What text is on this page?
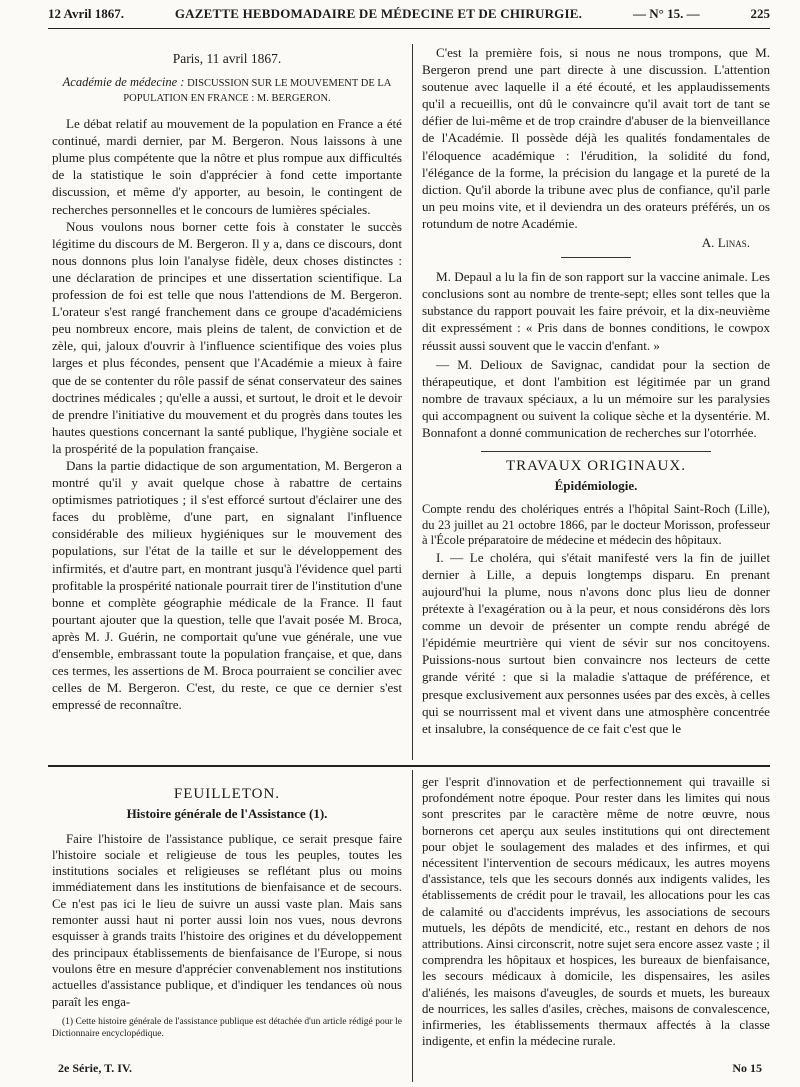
12 Avril 1867.	GAZETTE HEBDOMADAIRE DE MÉDECINE ET DE CHIRURGIE.	— N° 15. —	225
Paris, 11 avril 1867.
Académie de médecine : DISCUSSION SUR LE MOUVEMENT DE LA POPULATION EN FRANCE : M. BERGERON.

Le débat relatif au mouvement de la population en France a été continué, mardi dernier, par M. Bergeron. Nous laissons à une plume plus compétente que la nôtre et plus rompue aux difficultés de la statistique le soin d'apprécier à fond cette importante discussion, et même d'y apporter, au besoin, le contingent de recherches personnelles et le concours de lumières spéciales.

Nous voulons nous borner cette fois à constater le succès légitime du discours de M. Bergeron. Il y a, dans ce discours, dont nous donnons plus loin l'analyse fidèle, deux choses distinctes : une déclaration de principes et une dissertation scientifique. La profession de foi est telle que nous l'attendions de M. Bergeron. L'orateur s'est rangé franchement dans ce groupe d'académiciens peu nombreux encore, mais pleins de talent, de conviction et de zèle, qui, jaloux d'ouvrir à l'influence scientifique des voies plus larges et plus fécondes, pensent que l'Académie a mieux à faire que de se contenter du rôle passif de sénat conservateur des saines doctrines médicales ; qu'elle a aussi, et surtout, le droit et le devoir de prendre l'initiative du mouvement et du progrès dans toutes les hautes questions concernant la santé publique, l'hygiène sociale et la prospérité de la population française.

Dans la partie didactique de son argumentation, M. Bergeron a montré qu'il y avait quelque chose à rabattre de certains optimismes patriotiques ; il s'est efforcé surtout d'éclairer une des faces du problème, d'une part, en signalant l'influence considérable des milieux hygiéniques sur le mouvement des populations, sur l'état de la taille et sur le développement des infirmités, et d'autre part, en montrant jusqu'à l'évidence quel parti profitable la prospérité nationale pourrait tirer de l'institution d'une bonne et complète géographie médicale de la France. Il faut pourtant ajouter que la question, telle que l'avait posée M. Broca, après M. J. Guérin, ne comportait qu'une vue générale, une vue d'ensemble, embrassant toute la population française, et que, dans ces termes, les assertions de M. Broca pourraient se concilier avec celles de M. Bergeron. C'est, du reste, ce que ce dernier s'est empressé de reconnaître.

C'est la première fois, si nous ne nous trompons, que M. Bergeron prend une part directe à une discussion. L'attention soutenue avec laquelle il a été écouté, et les applaudissements qu'il a recueillis, ont dû le convaincre qu'il avait tort de tant se défier de lui-même et de trop craindre d'abuser de la bienveillance de l'Académie. Il possède déjà les qualités fondamentales de l'éloquence académique : l'érudition, la solidité du fond, l'élégance de la forme, la précision du langage et la pureté de la diction. Qu'il aborde la tribune avec plus de confiance, qu'il parle un peu moins vite, et il deviendra un des orateurs préférés, un os rotundum de notre Académie.

A. Linas.

M. Depaul a lu la fin de son rapport sur la vaccine animale. Les conclusions sont au nombre de trente-sept; elles sont telles que la substance du rapport pouvait les faire prévoir, et la dix-neuvième dit expressément : « Pris dans de bonnes conditions, le cowpox réussit aussi souvent que le vaccin d'enfant. »

— M. Delioux de Savignac, candidat pour la section de thérapeutique, et dont l'ambition est légitimée par un grand nombre de travaux spéciaux, a lu un mémoire sur les paralysies qui accompagnent ou suivent la colique sèche et la dysentérie. M. Bonnafont a donné communication de recherches sur l'otorrhée.

TRAVAUX ORIGINAUX.
Épidémiologie.

Compte rendu des cholériques entrés a l'hôpital Saint-Roch (Lille), du 23 juillet au 21 octobre 1866, par le docteur Morisson, professeur à l'École préparatoire de médecine et médecin des hôpitaux.

I. — Le choléra, qui s'était manifesté vers la fin de juillet dernier à Lille, a depuis longtemps disparu. En prenant aujourd'hui la plume, nous n'avons donc plus lieu de donner prétexte à l'exagération ou à la peur, et nous considérons dès lors comme un devoir de présenter un compte rendu abrégé de l'épidémie meurtrière qui vient de sévir sur nos concitoyens. Puissions-nous surtout bien convaincre nos lecteurs de cette grande vérité : que si la maladie s'attaque de préférence, et presque exclusivement aux personnes usées par des excès, à celles qui se nourrissent mal et vivent dans une atmosphère concentrée et insalubre, la conséquence de ce fait c'est que le

FEUILLETON.
Histoire générale de l'Assistance (1).

Faire l'histoire de l'assistance publique, ce serait presque faire l'histoire sociale et religieuse de tous les peuples, toutes les institutions sociales et religieuses se reflétant plus ou moins immédiatement dans les institutions de bienfaisance et de secours. Ce n'est pas ici le lieu de suivre un aussi vaste plan. Mais sans remonter aussi haut ni porter aussi loin nos vues, nous devrons esquisser à grands traits l'histoire des origines et du développement des principaux établissements de bienfaisance de l'Europe, si nous voulons être en mesure d'apprécier convenablement nos institutions actuelles d'assistance publique, et d'indiquer les tendances où nous paraît les enga-

(1) Cette histoire générale de l'assistance publique est détachée d'un article rédigé pour le Dictionnaire encyclopédique.

ger l'esprit d'innovation et de perfectionnement qui travaille si profondément notre époque. Pour rester dans les limites qui nous sont prescrites par le caractère même de notre œuvre, nous bornerons cet aperçu aux seules institutions qui ont directement pour objet le soulagement des malades et des infirmes, et qui nécessitent l'intervention de secours médicaux, les autres moyens d'assistance, tels que les secours donnés aux indigents valides, les établissements de crédit pour le travail, les allocations pour les cas de calamité ou d'accidents imprévus, les associations de secours mutuels, les dépôts de mendicité, etc., restant en dehors de nos attributions. Ainsi circonscrit, notre sujet sera encore assez vaste ; il comprendra les hôpitaux et hospices, les bureaux de bienfaisance, les secours médicaux à domicile, les dispensaires, les asiles d'aliénés, les maisons d'aveugles, de sourds et muets, les bureaux de nourrices, les salles d'asiles, crèches, maisons de convalescence, infirmeries, les établissements thermaux affectés à la classe indigente, et enfin la médecine rurale.

2e Série, T. IV.	No 15
